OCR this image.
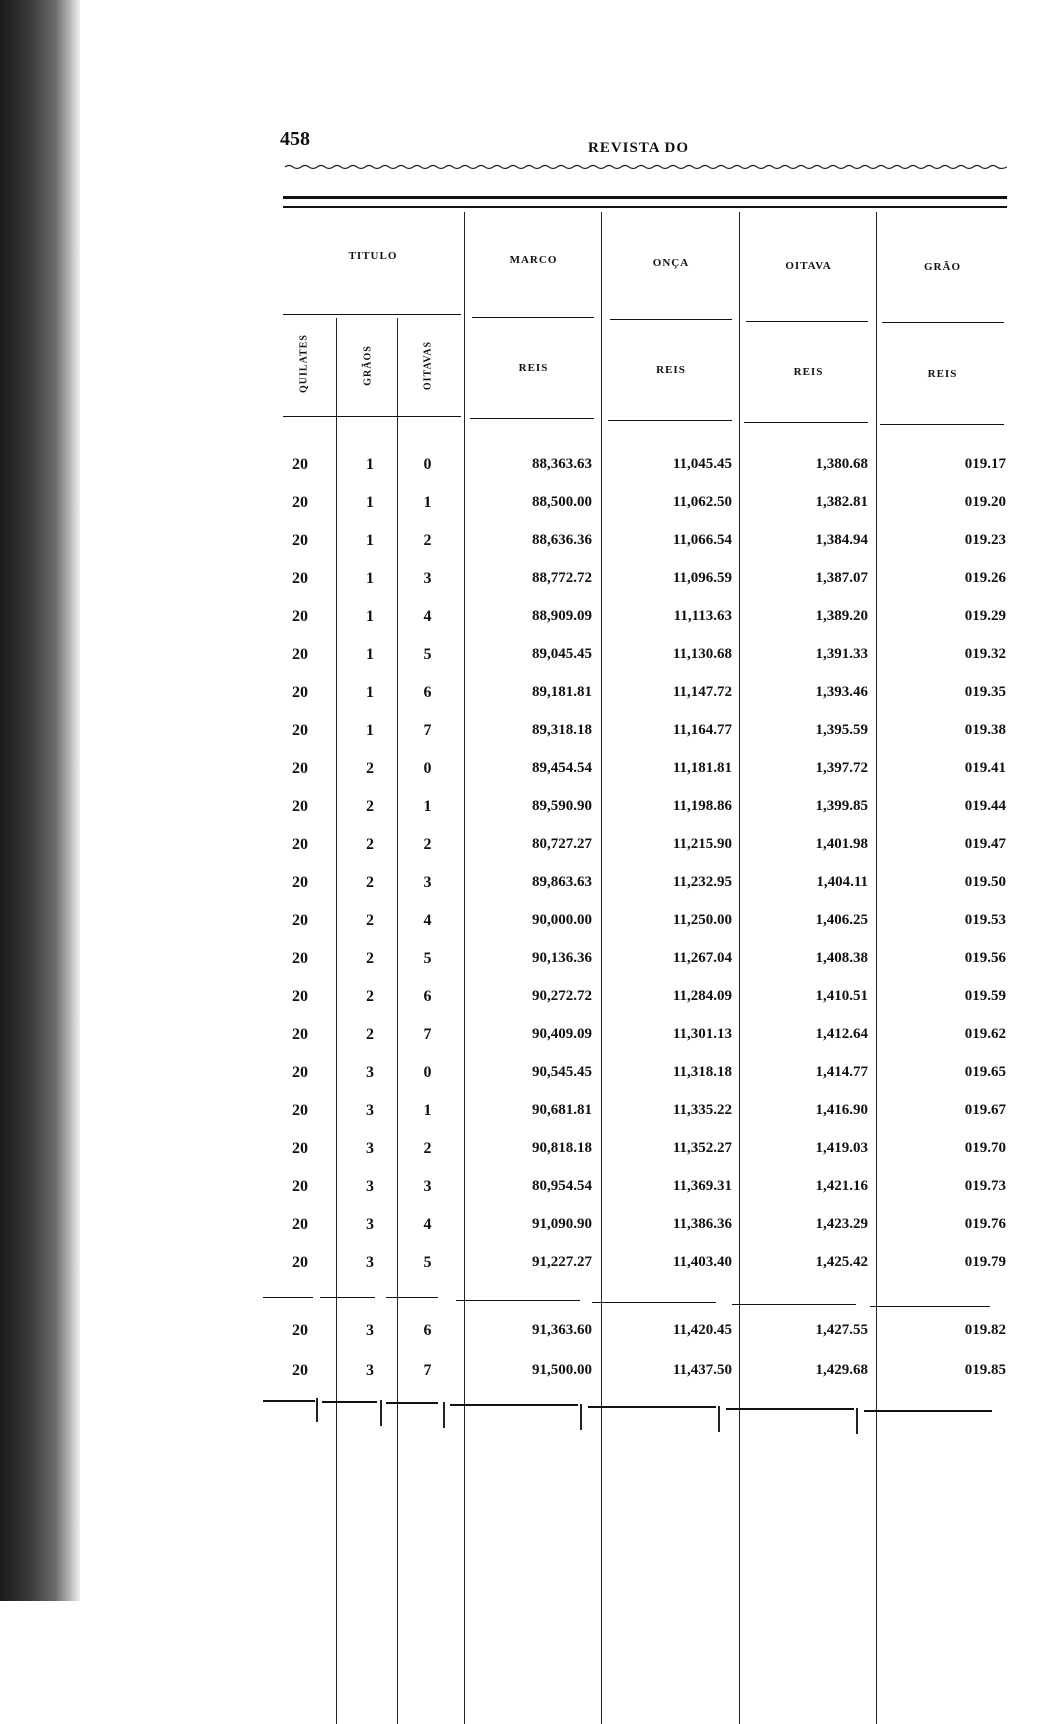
458	REVISTA DO
TITULO	MARCO	ONÇA	OITAVA	GRÃO
QUILATES	GRÃOS	OITAVAS	REIS	REIS	REIS	REIS
20	1	0	88,363.63	11,045.45	1,380.68	019.17
20	1	1	88,500.00	11,062.50	1,382.81	019.20
20	1	2	88,636.36	11,066.54	1,384.94	019.23
20	1	3	88,772.72	11,096.59	1,387.07	019.26
20	1	4	88,909.09	11,113.63	1,389.20	019.29
20	1	5	89,045.45	11,130.68	1,391.33	019.32
20	1	6	89,181.81	11,147.72	1,393.46	019.35
20	1	7	89,318.18	11,164.77	1,395.59	019.38
20	2	0	89,454.54	11,181.81	1,397.72	019.41
20	2	1	89,590.90	11,198.86	1,399.85	019.44
20	2	2	80,727.27	11,215.90	1,401.98	019.47
20	2	3	89,863.63	11,232.95	1,404.11	019.50
20	2	4	90,000.00	11,250.00	1,406.25	019.53
20	2	5	90,136.36	11,267.04	1,408.38	019.56
20	2	6	90,272.72	11,284.09	1,410.51	019.59
20	2	7	90,409.09	11,301.13	1,412.64	019.62
20	3	0	90,545.45	11,318.18	1,414.77	019.65
20	3	1	90,681.81	11,335.22	1,416.90	019.67
20	3	2	90,818.18	11,352.27	1,419.03	019.70
20	3	3	80,954.54	11,369.31	1,421.16	019.73
20	3	4	91,090.90	11,386.36	1,423.29	019.76
20	3	5	91,227.27	11,403.40	1,425.42	019.79
20	3	6	91,363.60	11,420.45	1,427.55	019.82
20	3	7	91,500.00	11,437.50	1,429.68	019.85
